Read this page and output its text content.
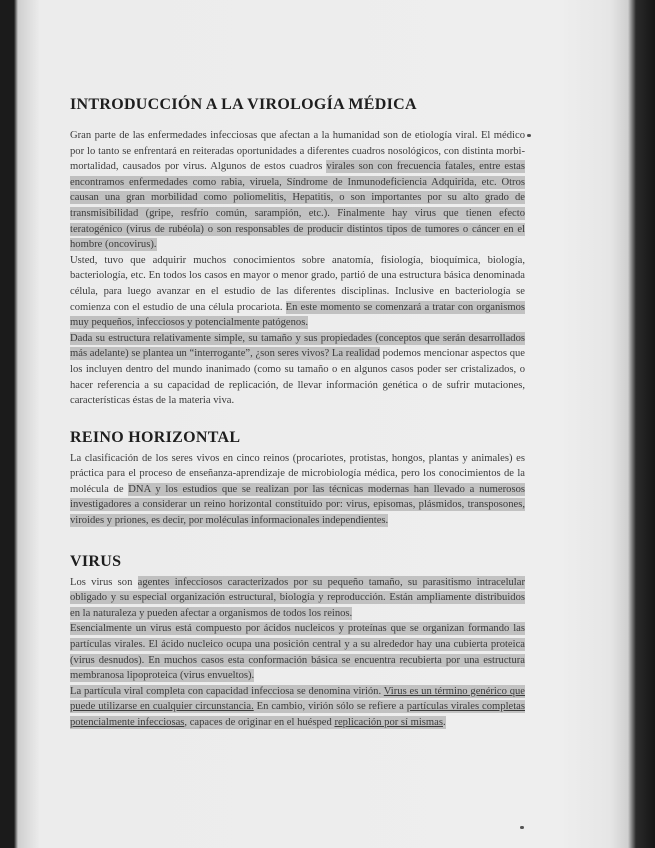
INTRODUCCIÓN A LA VIROLOGÍA MÉDICA

Gran parte de las enfermedades infecciosas que afectan a la humanidad son de etiología viral. El médico por lo tanto se enfrentará en reiteradas oportunidades a diferentes cuadros nosológicos, con distinta morbi-mortalidad, causados por virus. Algunos de estos cuadros virales son con frecuencia fatales, entre estas encontramos enfermedades como rabia, viruela, Síndrome de Inmunodeficiencia Adquirida, etc. Otros causan una gran morbilidad como poliomelitis, Hepatitis, o son importantes por su alto grado de transmisibilidad (gripe, resfrío común, sarampión, etc.). Finalmente hay virus que tienen efecto teratogénico (virus de rubéola) o son responsables de producir distintos tipos de tumores o cáncer en el hombre (oncovirus).

Usted, tuvo que adquirir muchos conocimientos sobre anatomía, fisiología, bioquímica, biología, bacteriología, etc. En todos los casos en mayor o menor grado, partió de una estructura básica denominada célula, para luego avanzar en el estudio de las diferentes disciplinas. Inclusive en bacteriología se comienza con el estudio de una célula procariota. En este momento se comenzará a tratar con organismos muy pequeños, infecciosos y potencialmente patógenos.

Dada su estructura relativamente simple, su tamaño y sus propiedades (conceptos que serán desarrollados más adelante) se plantea un “interrogante”, ¿son seres vivos? La realidad podemos mencionar aspectos que los incluyen dentro del mundo inanimado (como su tamaño o en algunos casos poder ser cristalizados, o hacer referencia a su capacidad de replicación, de llevar información genética o de sufrir mutaciones, características éstas de la materia viva.

REINO HORIZONTAL

La clasificación de los seres vivos en cinco reinos (procariotes, protistas, hongos, plantas y animales) es práctica para el proceso de enseñanza-aprendizaje de microbiología médica, pero los conocimientos de la molécula de DNA y los estudios que se realizan por las técnicas modernas han llevado a numerosos investigadores a considerar un reino horizontal constituido por: virus, episomas, plásmidos, transposones, viroides y priones, es decir, por moléculas informacionales independientes.

VIRUS

Los virus son agentes infecciosos caracterizados por su pequeño tamaño, su parasitismo intracelular obligado y su especial organización estructural, biología y reproducción. Están ampliamente distribuidos en la naturaleza y pueden afectar a organismos de todos los reinos.

Esencialmente un virus está compuesto por ácidos nucleicos y proteínas que se organizan formando las partículas virales. El ácido nucleico ocupa una posición central y a su alrededor hay una cubierta proteica (virus desnudos). En muchos casos esta conformación básica se encuentra recubierta por una estructura membranosa lipoproteica (virus envueltos).

La partícula viral completa con capacidad infecciosa se denomina virión. Virus es un término genérico que puede utilizarse en cualquier circunstancia. En cambio, virión sólo se refiere a partículas virales completas potencialmente infecciosas, capaces de originar en el huésped replicación por sí mismas.
